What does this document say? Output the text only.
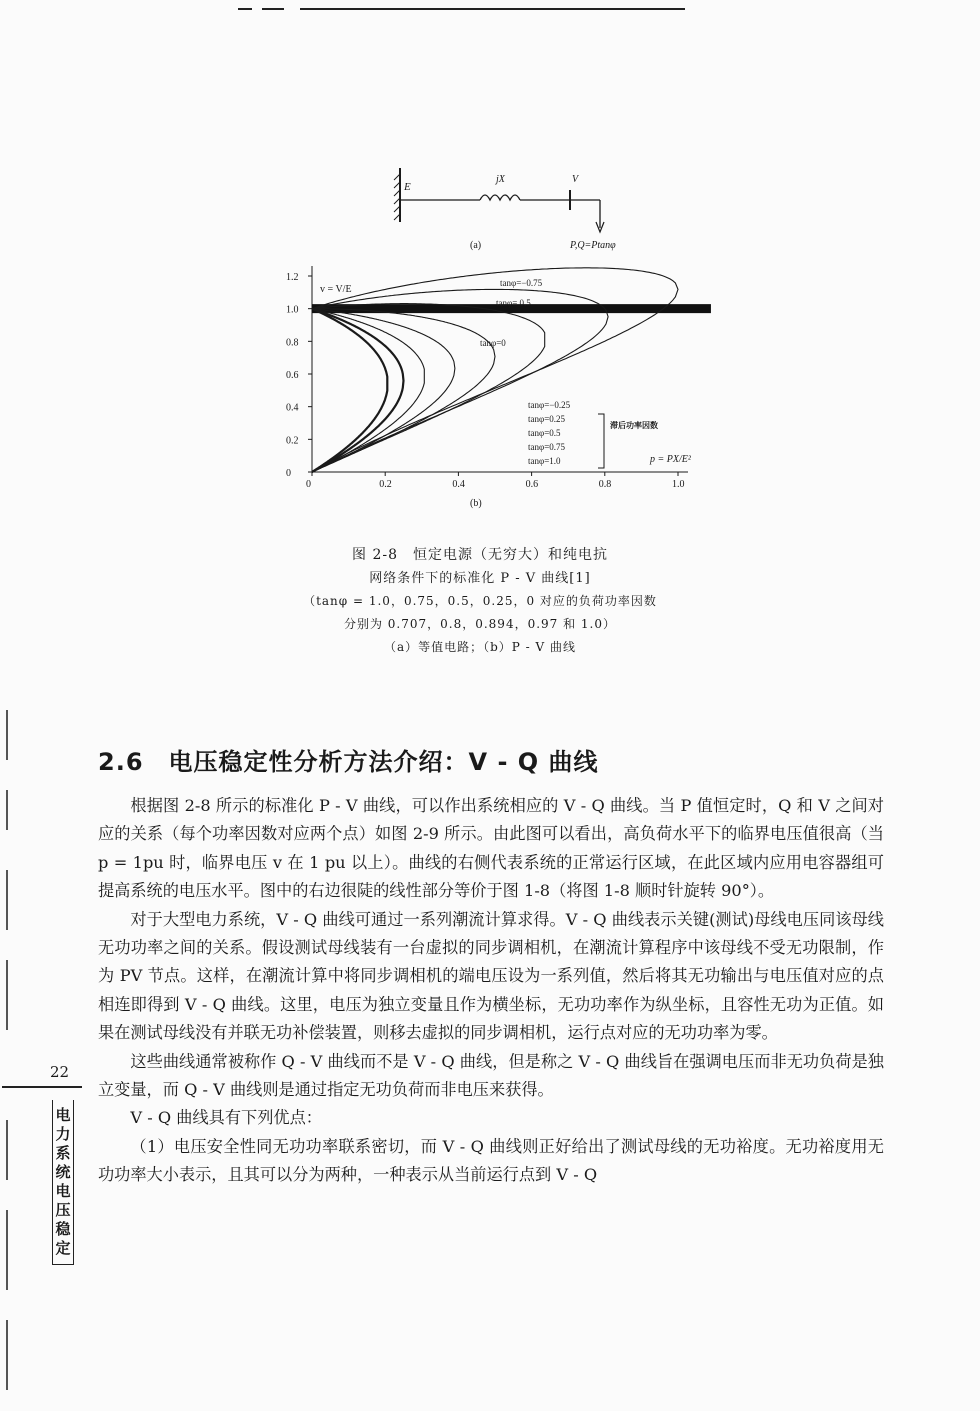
E
jX	V
(a)	P,Q=Ptanφ
0	0.2	0.4	0.6	0.8	1.0
0
0.2
0.4
0.6
0.8
1.0
1.2	tanφ=−0.75
tanφ= 0.5
tanφ=0
tanφ=−0.25
tanφ=0.25
tanφ=0.5
tanφ=0.75
tanφ=1.0
v = V/E
p = PX/E²
(b)
滞后功率因数
图 2-8　恒定电源（无穷大）和纯电抗
网络条件下的标准化 P - V 曲线[1]
（tanφ = 1.0，0.75，0.5，0.25，0 对应的负荷功率因数
分别为 0.707，0.8，0.894，0.97 和 1.0）
（a）等值电路；（b）P - V 曲线
2.6　电压稳定性分析方法介绍：V - Q 曲线

根据图 2-8 所示的标准化 P - V 曲线，可以作出系统相应的 V - Q 曲线。当 P 值恒定时，Q 和 V 之间对应的关系（每个功率因数对应两个点）如图 2-9 所示。由此图可以看出，高负荷水平下的临界电压值很高（当 p = 1pu 时，临界电压 v 在 1 pu 以上）。曲线的右侧代表系统的正常运行区域，在此区域内应用电容器组可提高系统的电压水平。图中的右边很陡的线性部分等价于图 1-8（将图 1-8 顺时针旋转 90°）。

对于大型电力系统，V - Q 曲线可通过一系列潮流计算求得。V - Q 曲线表示关键(测试)母线电压同该母线无功功率之间的关系。假设测试母线装有一台虚拟的同步调相机，在潮流计算程序中该母线不受无功限制，作为 PV 节点。这样，在潮流计算中将同步调相机的端电压设为一系列值，然后将其无功输出与电压值对应的点相连即得到 V - Q 曲线。这里，电压为独立变量且作为横坐标，无功功率作为纵坐标，且容性无功为正值。如果在测试母线没有并联无功补偿装置，则移去虚拟的同步调相机，运行点对应的无功功率为零。

这些曲线通常被称作 Q - V 曲线而不是 V - Q 曲线，但是称之 V - Q 曲线旨在强调电压而非无功负荷是独立变量，而 Q - V 曲线则是通过指定无功负荷而非电压来获得。

V - Q 曲线具有下列优点：

（1）电压安全性同无功功率联系密切，而 V - Q 曲线则正好给出了测试母线的无功裕度。无功裕度用无功功率大小表示，且其可以分为两种，一种表示从当前运行点到 V - Q

22
电
力
系
统
电
压
稳
定
